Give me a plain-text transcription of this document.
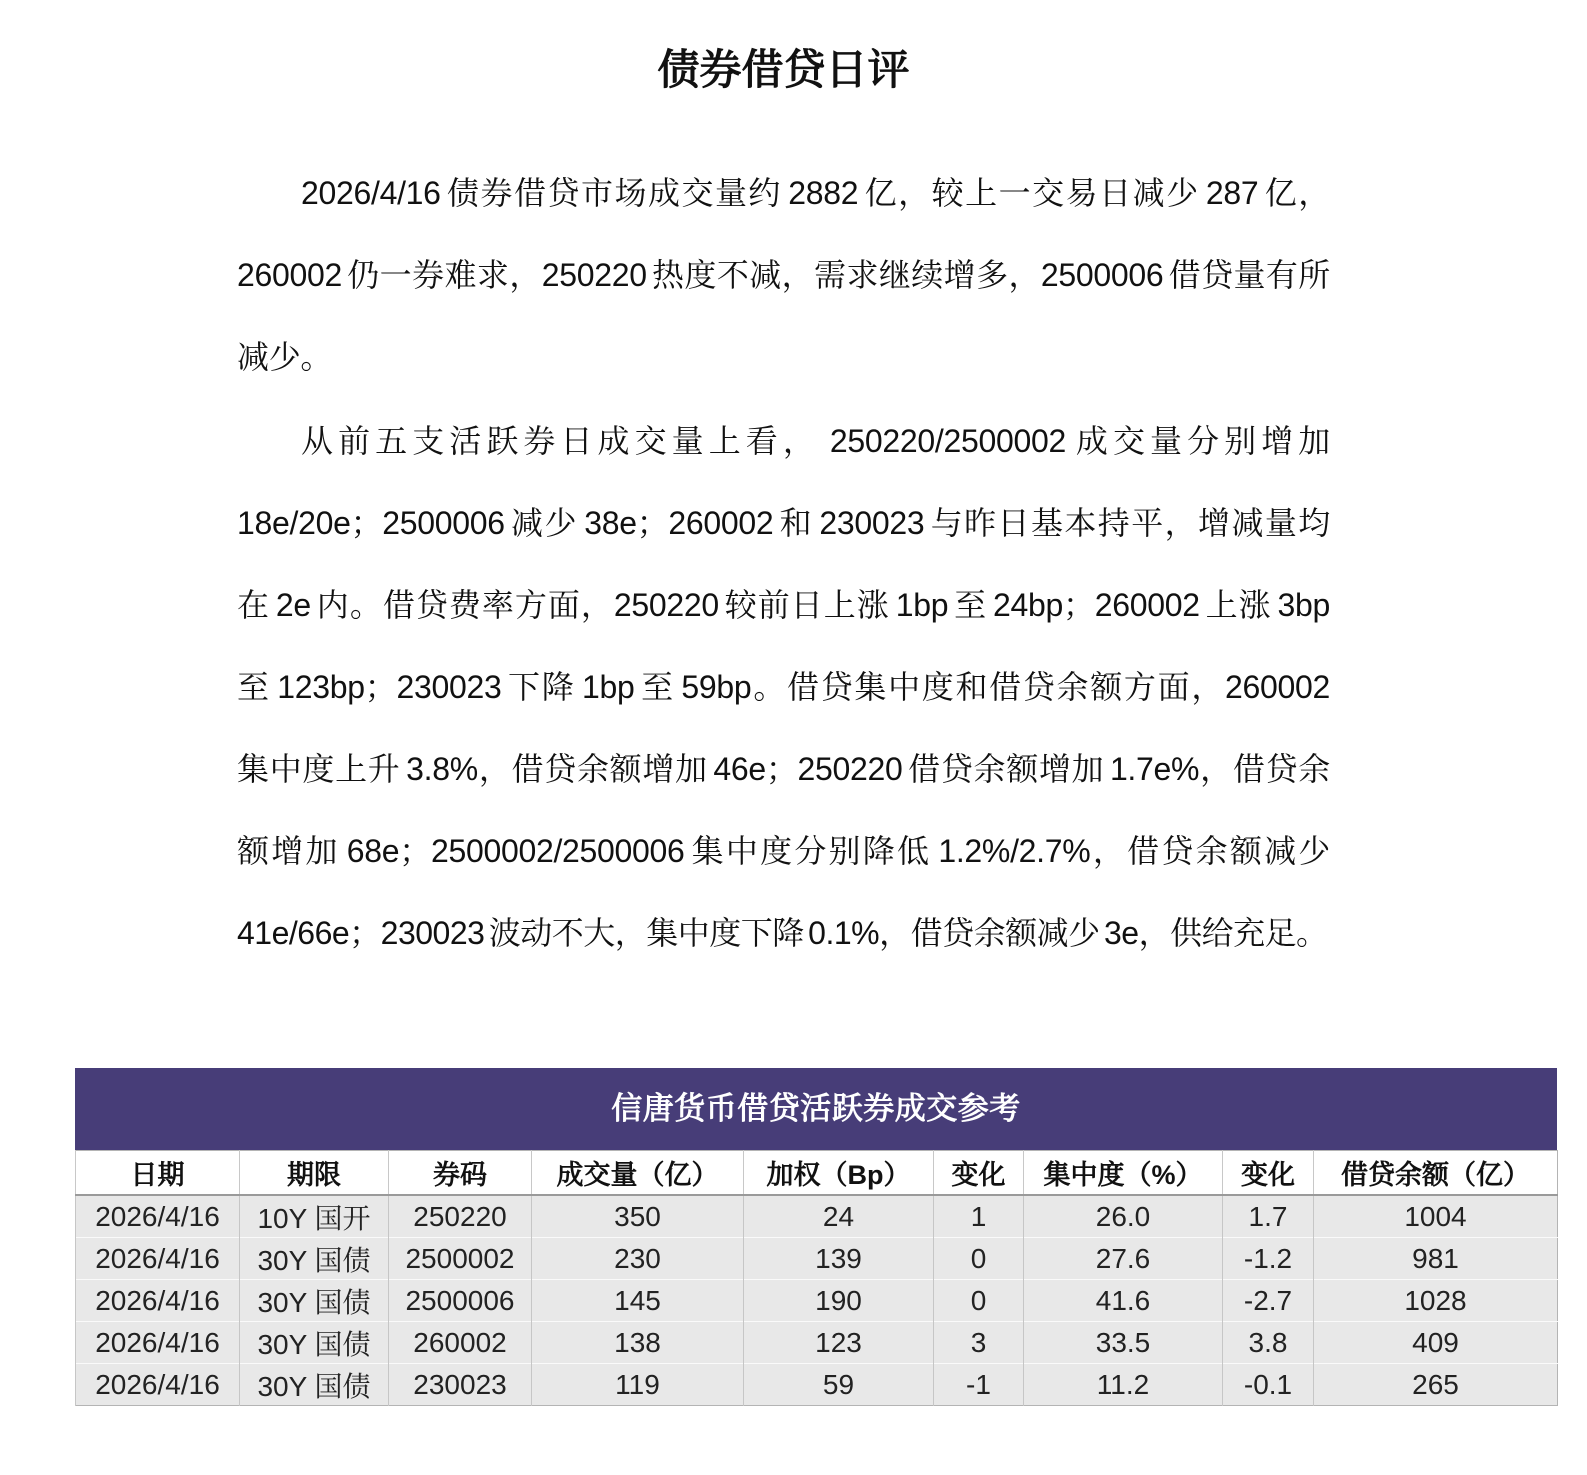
债券借贷日评
2026/4/16 债券借贷市场成交量约 2882 亿，较上一交易日减少 287 亿，
260002 仍一券难求，250220 热度不减，需求继续增多，2500006 借贷量有所
减少。
从前五支活跃券日成交量上看， 250220/2500002 成交量分别增加
18e/20e；2500006 减少 38e；260002 和 230023 与昨日基本持平，增减量均
在 2e 内。借贷费率方面，250220 较前日上涨 1bp 至 24bp；260002 上涨 3bp
至 123bp；230023 下降 1bp 至 59bp。借贷集中度和借贷余额方面，260002
集中度上升 3.8%，借贷余额增加 46e；250220 借贷余额增加 1.7e%，借贷余
额增加 68e；2500002/2500006 集中度分别降低 1.2%/2.7%，借贷余额减少
41e/66e；230023 波动不大，集中度下降 0.1%，借贷余额减少 3e，供给充足。
信唐货币借贷活跃券成交参考
日期	期限	券码	成交量（亿）	加权（Bp）	变化	集中度（%）	变化	借贷余额（亿）
2026/4/16	10Y 国开	250220	350	24	1	26.0	1.7	1004
2026/4/16	30Y 国债	2500002	230	139	0	27.6	-1.2	981
2026/4/16	30Y 国债	2500006	145	190	0	41.6	-2.7	1028
2026/4/16	30Y 国债	260002	138	123	3	33.5	3.8	409
2026/4/16	30Y 国债	230023	119	59	-1	11.2	-0.1	265
